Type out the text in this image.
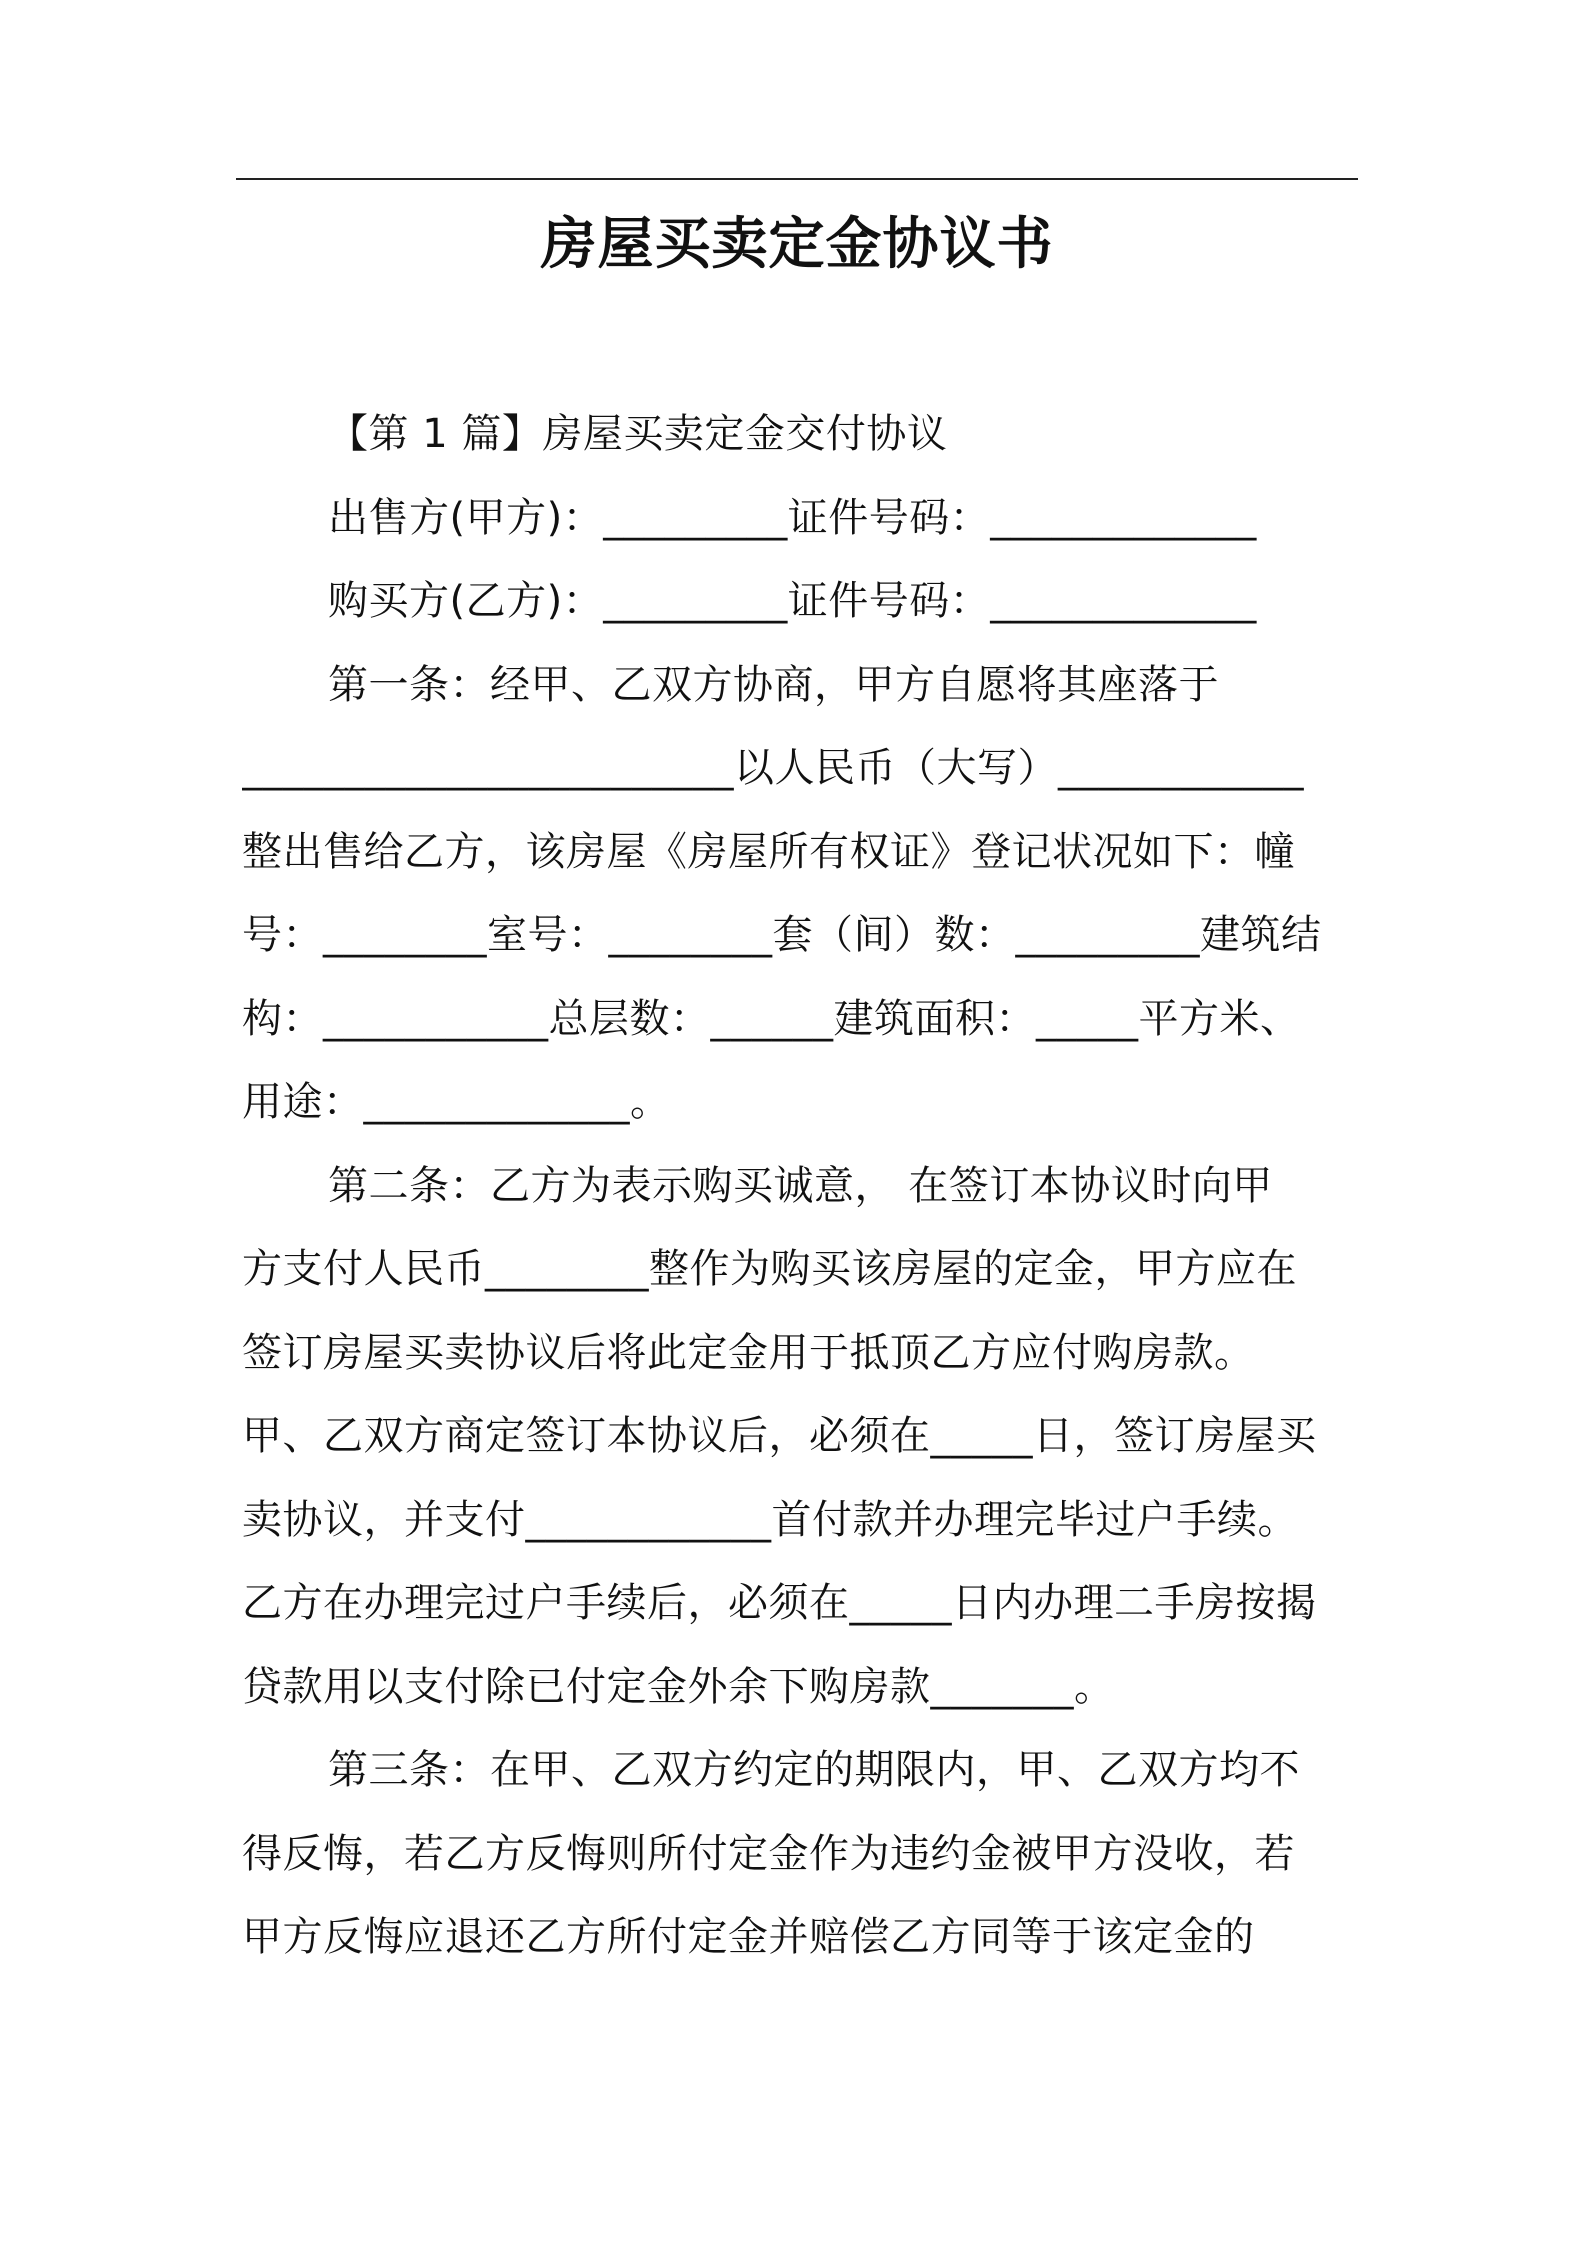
房屋买卖定金协议书
【第 1 篇】房屋买卖定金交付协议
出售方(甲方)：_________证件号码：_____________
购买方(乙方)：_________证件号码：_____________
第一条：经甲、乙双方协商，甲方自愿将其座落于
________________________以人民币（大写）____________
整出售给乙方，该房屋《房屋所有权证》登记状况如下：幢
号：________室号：________套（间）数：_________建筑结
构：___________总层数：______建筑面积：_____平方米、
用途：_____________。
第二条：乙方为表示购买诚意， 在签订本协议时向甲
方支付人民币________整作为购买该房屋的定金，甲方应在
签订房屋买卖协议后将此定金用于抵顶乙方应付购房款。
甲、乙双方商定签订本协议后，必须在_____日，签订房屋买
卖协议，并支付____________首付款并办理完毕过户手续。
乙方在办理完过户手续后，必须在_____日内办理二手房按揭
贷款用以支付除已付定金外余下购房款_______。
第三条：在甲、乙双方约定的期限内，甲、乙双方均不
得反悔，若乙方反悔则所付定金作为违约金被甲方没收，若
甲方反悔应退还乙方所付定金并赔偿乙方同等于该定金的
